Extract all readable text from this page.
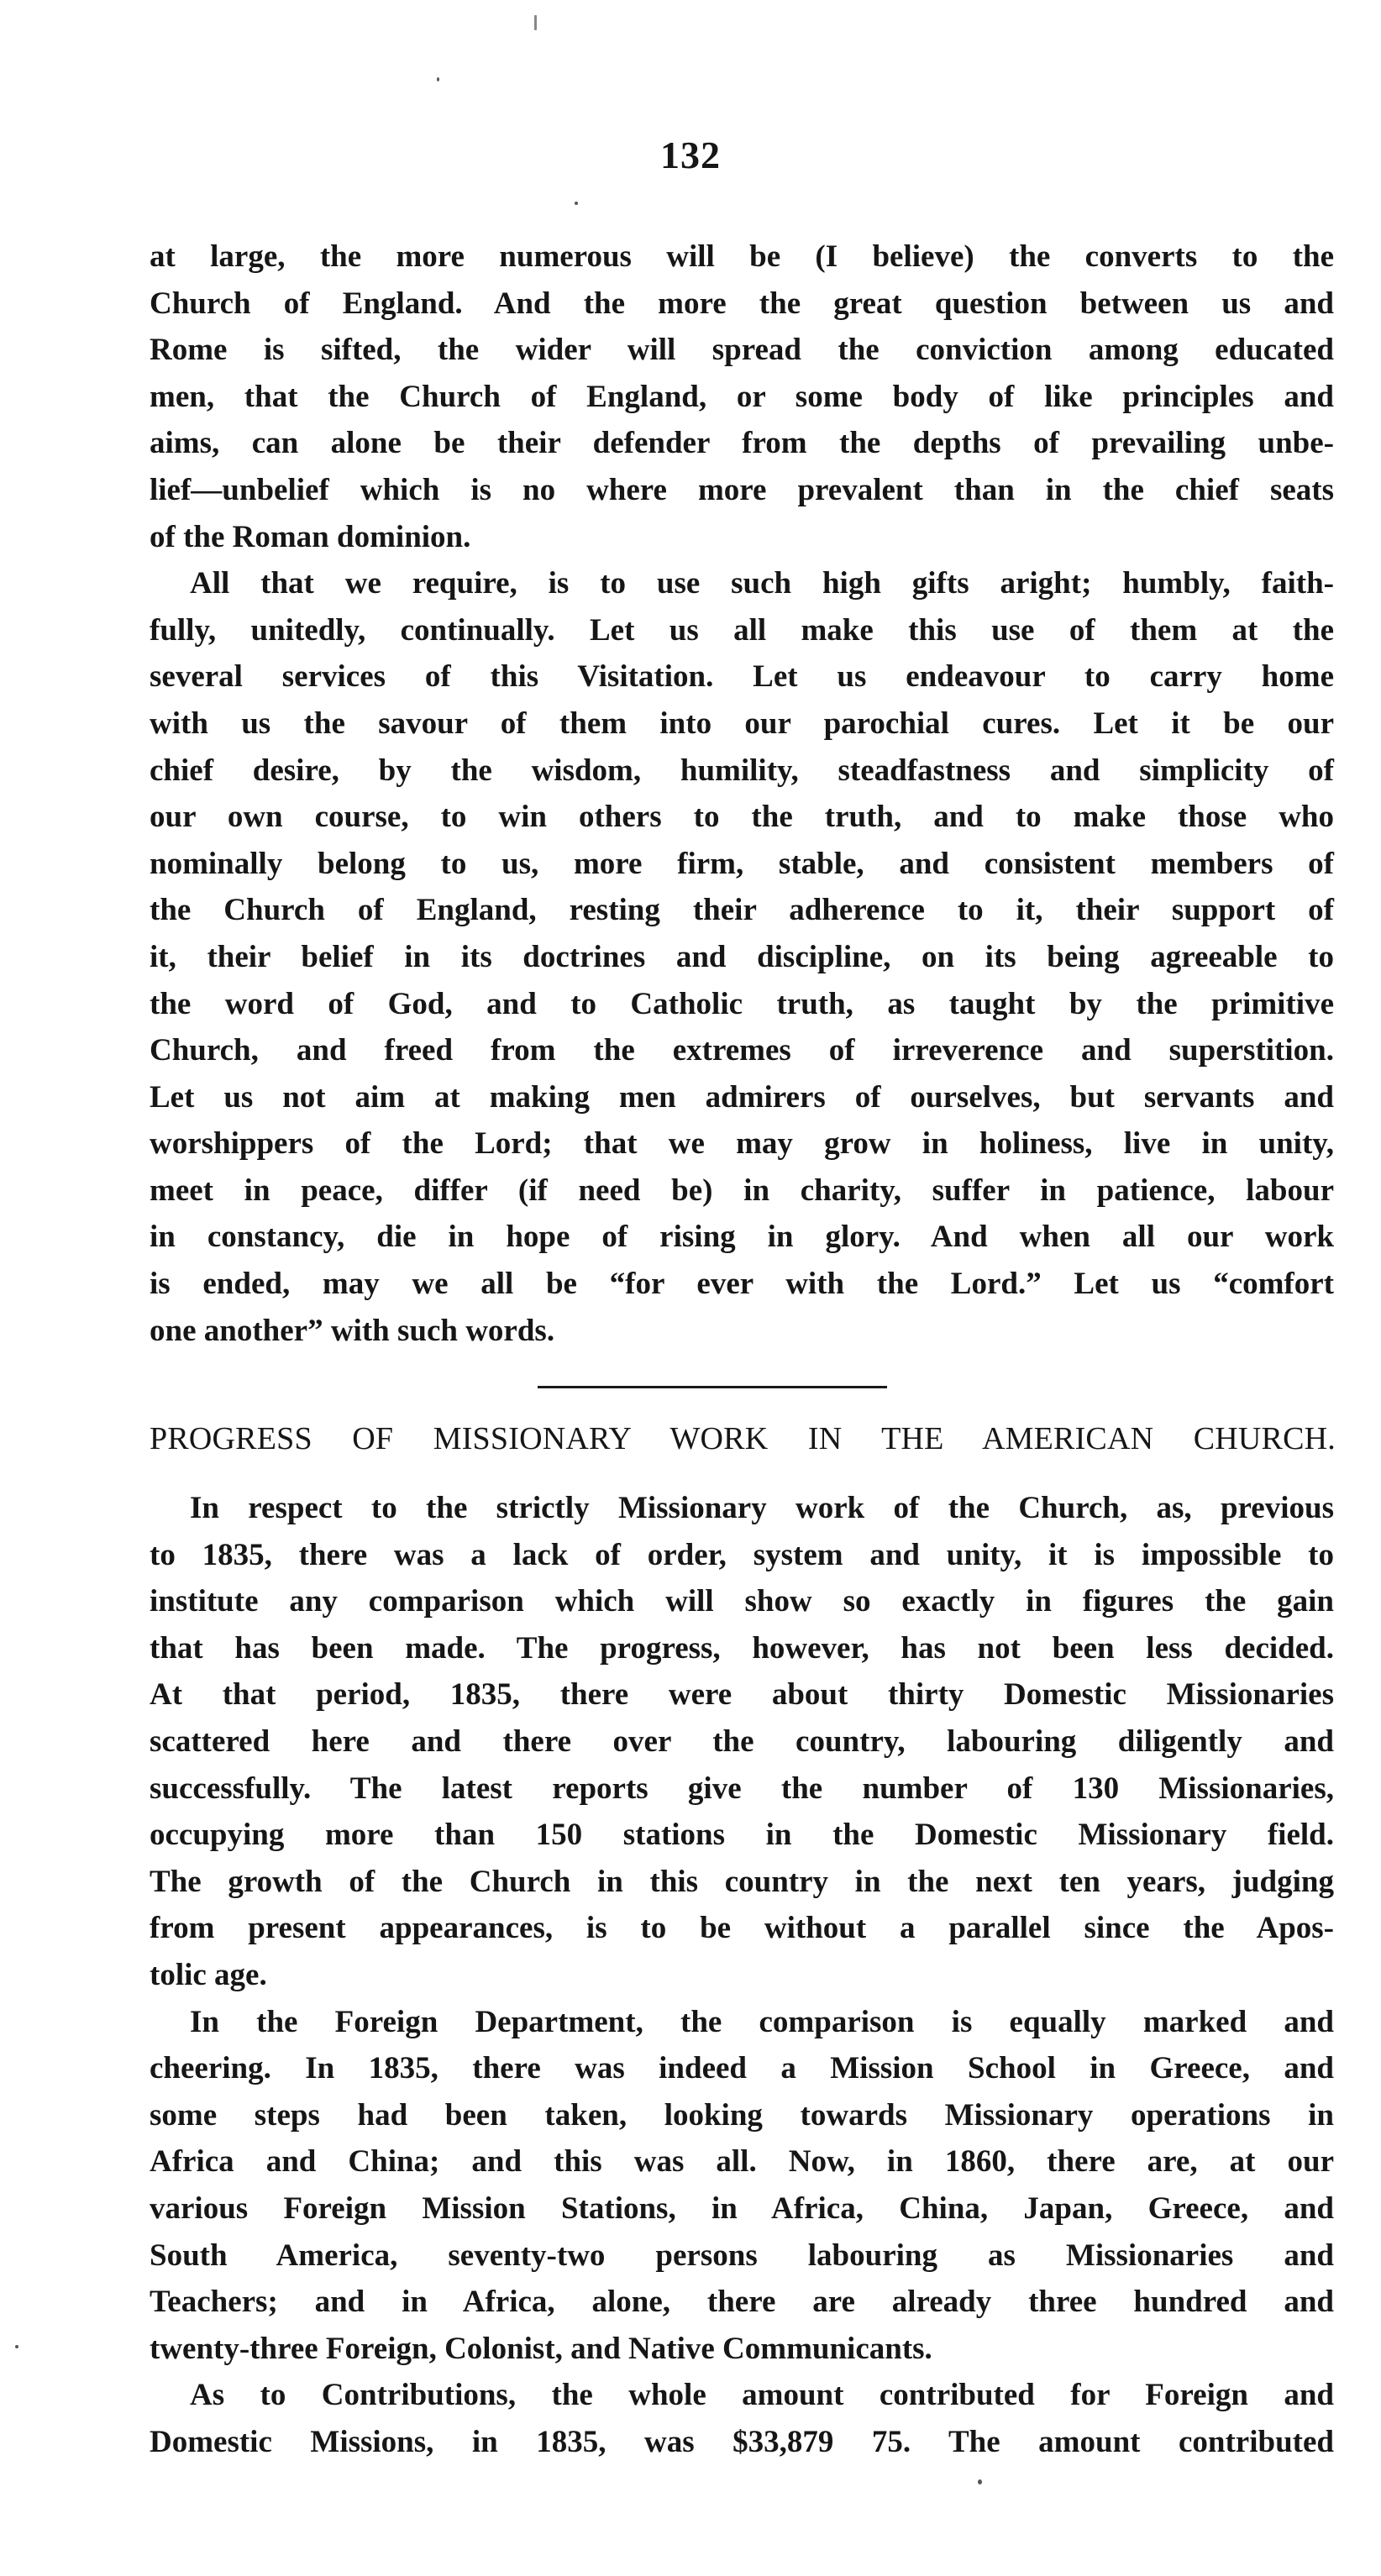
132
at large, the more numerous will be (I believe) the converts to the
Church of England. And the more the great question between us and
Rome is sifted, the wider will spread the conviction among educated
men, that the Church of England, or some body of like principles and
aims, can alone be their defender from the depths of prevailing unbe-
lief—unbelief which is no where more prevalent than in the chief seats
of the Roman dominion.
All that we require, is to use such high gifts aright; humbly, faith-
fully, unitedly, continually. Let us all make this use of them at the
several services of this Visitation. Let us endeavour to carry home
with us the savour of them into our parochial cures. Let it be our
chief desire, by the wisdom, humility, steadfastness and simplicity of
our own course, to win others to the truth, and to make those who
nominally belong to us, more firm, stable, and consistent members of
the Church of England, resting their adherence to it, their support of
it, their belief in its doctrines and discipline, on its being agreeable to
the word of God, and to Catholic truth, as taught by the primitive
Church, and freed from the extremes of irreverence and superstition.
Let us not aim at making men admirers of ourselves, but servants and
worshippers of the Lord; that we may grow in holiness, live in unity,
meet in peace, differ (if need be) in charity, suffer in patience, labour
in constancy, die in hope of rising in glory. And when all our work
is ended, may we all be “for ever with the Lord.” Let us “comfort
one another” with such words.
PROGRESS OF MISSIONARY WORK IN THE AMERICAN CHURCH.
In respect to the strictly Missionary work of the Church, as, previous
to 1835, there was a lack of order, system and unity, it is impossible to
institute any comparison which will show so exactly in figures the gain
that has been made. The progress, however, has not been less decided.
At that period, 1835, there were about thirty Domestic Missionaries
scattered here and there over the country, labouring diligently and
successfully. The latest reports give the number of 130 Missionaries,
occupying more than 150 stations in the Domestic Missionary field.
The growth of the Church in this country in the next ten years, judging
from present appearances, is to be without a parallel since the Apos-
tolic age.
In the Foreign Department, the comparison is equally marked and
cheering. In 1835, there was indeed a Mission School in Greece, and
some steps had been taken, looking towards Missionary operations in
Africa and China; and this was all. Now, in 1860, there are, at our
various Foreign Mission Stations, in Africa, China, Japan, Greece, and
South America, seventy-two persons labouring as Missionaries and
Teachers; and in Africa, alone, there are already three hundred and
twenty-three Foreign, Colonist, and Native Communicants.
As to Contributions, the whole amount contributed for Foreign and
Domestic Missions, in 1835, was $33,879 75. The amount contributed
